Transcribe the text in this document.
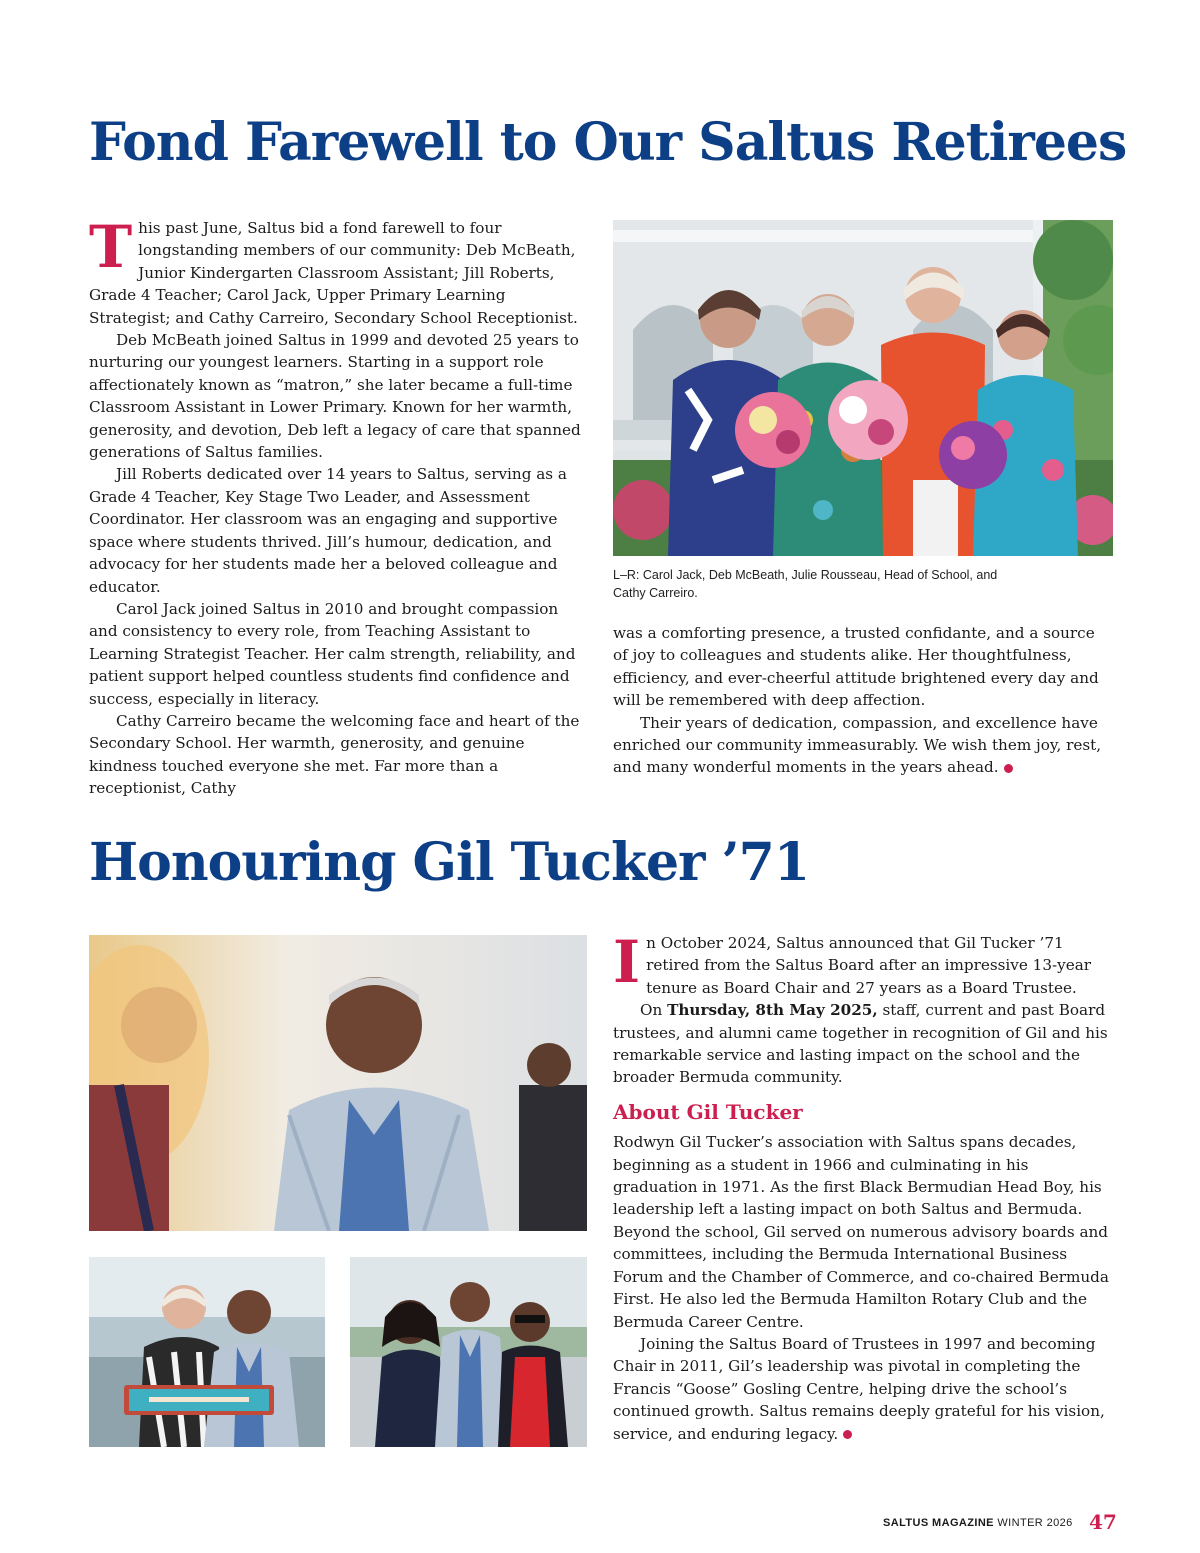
Fond Farewell to Our Saltus Retirees

This past June, Saltus bid a fond farewell to four longstanding members of our community: Deb McBeath, Junior Kindergarten Classroom Assistant; Jill Roberts, Grade 4 Teacher; Carol Jack, Upper Primary Learning Strategist; and Cathy Carreiro, Secondary School Receptionist.

Deb McBeath joined Saltus in 1999 and devoted 25 years to nurturing our youngest learners. Starting in a support role affectionately known as “matron,” she later became a full-time Classroom Assistant in Lower Primary. Known for her warmth, generosity, and devotion, Deb left a legacy of care that spanned generations of Saltus families.

Jill Roberts dedicated over 14 years to Saltus, serving as a Grade 4 Teacher, Key Stage Two Leader, and Assessment Coordinator. Her classroom was an engaging and supportive space where students thrived. Jill’s humour, dedication, and advocacy for her students made her a beloved colleague and educator.

Carol Jack joined Saltus in 2010 and brought compassion and consistency to every role, from Teaching Assistant to Learning Strategist Teacher. Her calm strength, reliability, and patient support helped countless students find confidence and success, especially in literacy.

Cathy Carreiro became the welcoming face and heart of the Secondary School. Her warmth, generosity, and genuine kindness touched everyone she met. Far more than a receptionist, Cathy

L–R: Carol Jack, Deb McBeath, Julie Rousseau, Head of School, and Cathy Carreiro.

was a comforting presence, a trusted confidante, and a source of joy to colleagues and students alike. Her thoughtfulness, efficiency, and ever-cheerful attitude brightened every day and will be remembered with deep affection.

Their years of dedication, compassion, and excellence have enriched our community immeasurably. We wish them joy, rest, and many wonderful moments in the years ahead.

Honouring Gil Tucker ’71

In October 2024, Saltus announced that Gil Tucker ’71 retired from the Saltus Board after an impressive 13-year tenure as Board Chair and 27 years as a Board Trustee.

On Thursday, 8th May 2025, staff, current and past Board trustees, and alumni came together in recognition of Gil and his remarkable service and lasting impact on the school and the broader Bermuda community.

About Gil Tucker

Rodwyn Gil Tucker’s association with Saltus spans decades, beginning as a student in 1966 and culminating in his graduation in 1971. As the first Black Bermudian Head Boy, his leadership left a lasting impact on both Saltus and Bermuda. Beyond the school, Gil served on numerous advisory boards and committees, including the Bermuda International Business Forum and the Chamber of Commerce, and co-chaired Bermuda First. He also led the Bermuda Hamilton Rotary Club and the Bermuda Career Centre.

Joining the Saltus Board of Trustees in 1997 and becoming Chair in 2011, Gil’s leadership was pivotal in completing the Francis “Goose” Gosling Centre, helping drive the school’s continued growth. Saltus remains deeply grateful for his vision, service, and enduring legacy.

SALTUS MAGAZINE WINTER 2026 47
